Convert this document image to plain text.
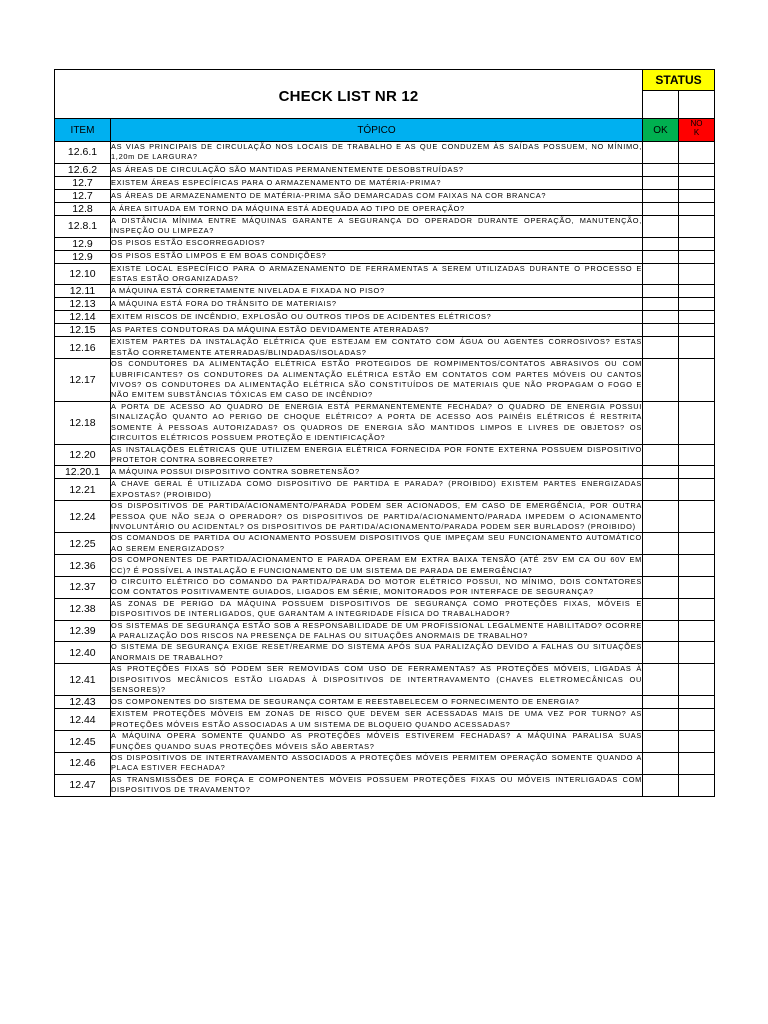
CHECK LIST NR 12		STATUS	

ITEM	TÓPICO	OK	NOK

12.6.1	AS VIAS PRINCIPAIS DE CIRCULAÇÃO NOS LOCAIS DE TRABALHO E AS QUE CONDUZEM ÀS SAÍDAS POSSUEM, NO MÍNIMO, 1,20m DE LARGURA?		
12.6.2	AS ÁREAS DE CIRCULAÇÃO SÃO MANTIDAS PERMANENTEMENTE DESOBSTRUÍDAS?		
12.7	EXISTEM ÁREAS ESPECÍFICAS PARA O ARMAZENAMENTO DE MATÉRIA-PRIMA?		
12.7	AS ÁREAS DE ARMAZENAMENTO DE MATÉRIA-PRIMA SÃO DEMARCADAS COM FAIXAS NA COR BRANCA?		
12.8	A ÁREA SITUADA EM TORNO DA MÁQUINA ESTÁ ADEQUADA AO TIPO DE OPERAÇÃO?		
12.8.1	A DISTÂNCIA MÍNIMA ENTRE MÁQUINAS GARANTE A SEGURANÇA DO OPERADOR DURANTE OPERAÇÃO, MANUTENÇÃO, INSPEÇÃO OU LIMPEZA?		
12.9	OS PISOS ESTÃO ESCORREGADIOS?		
12.9	OS PISOS ESTÃO LIMPOS E EM BOAS CONDIÇÕES?		
12.10	EXISTE LOCAL ESPECÍFICO PARA O ARMAZENAMENTO DE FERRAMENTAS A SEREM UTILIZADAS DURANTE O PROCESSO E ESTAS ESTÃO ORGANIZADAS?		
12.11	A MÁQUINA ESTÁ CORRETAMENTE NIVELADA E FIXADA NO PISO?		
12.13	A MÁQUINA ESTÁ FORA DO TRÂNSITO DE MATERIAIS?		
12.14	EXITEM RISCOS DE INCÊNDIO, EXPLOSÃO OU OUTROS TIPOS DE ACIDENTES ELÉTRICOS?		
12.15	AS PARTES CONDUTORAS DA MÁQUINA ESTÃO DEVIDAMENTE ATERRADAS?		
12.16	EXISTEM PARTES DA INSTALAÇÃO ELÉTRICA QUE ESTEJAM EM CONTATO COM ÁGUA OU AGENTES CORROSIVOS? ESTAS ESTÃO CORRETAMENTE ATERRADAS/BLINDADAS/ISOLADAS?		
12.17	OS CONDUTORES DA ALIMENTAÇÃO ELÉTRICA ESTÃO PROTEGIDOS DE ROMPIMENTOS/CONTATOS ABRASIVOS OU COM LUBRIFICANTES? OS CONDUTORES DA ALIMENTAÇÃO ELÉTRICA ESTÃO EM CONTATOS COM PARTES MÓVEIS OU CANTOS VIVOS? OS CONDUTORES DA ALIMENTAÇÃO ELÉTRICA SÃO CONSTITUÍDOS DE MATERIAIS QUE NÃO PROPAGAM O FOGO E NÃO EMITEM SUBSTÂNCIAS TÓXICAS EM CASO DE INCÊNDIO?		
12.18	A PORTA DE ACESSO AO QUADRO DE ENERGIA ESTÁ PERMANENTEMENTE FECHADA? O QUADRO DE ENERGIA POSSUI SINALIZAÇÃO QUANTO AO PERIGO DE CHOQUE ELÉTRICO? A PORTA DE ACESSO AOS PAINÉIS ELÉTRICOS É RESTRITA SOMENTE À PESSOAS AUTORIZADAS? OS QUADROS DE ENERGIA SÃO MANTIDOS LIMPOS E LIVRES DE OBJETOS? OS CIRCUITOS ELÉTRICOS POSSUEM PROTEÇÃO E IDENTIFICAÇÃO?		
12.20	AS INSTALAÇÕES ELÉTRICAS QUE UTILIZEM ENERGIA ELÉTRICA FORNECIDA POR FONTE EXTERNA POSSUEM DISPOSITIVO PROTETOR CONTRA SOBRECORRETE?		
12.20.1	A MÁQUINA POSSUI DISPOSITIVO CONTRA SOBRETENSÃO?		
12.21	A CHAVE GERAL É UTILIZADA COMO DISPOSITIVO DE PARTIDA E PARADA? (PROIBIDO) EXISTEM PARTES ENERGIZADAS EXPOSTAS? (PROIBIDO)		
12.24	OS DISPOSITIVOS DE PARTIDA/ACIONAMENTO/PARADA PODEM SER ACIONADOS, EM CASO DE EMERGÊNCIA, POR OUTRA PESSOA QUE NÃO SEJA O OPERADOR? OS DISPOSITIVOS DE PARTIDA/ACIONAMENTO/PARADA IMPEDEM O ACIONAMENTO INVOLUNTÁRIO OU ACIDENTAL? OS DISPOSITIVOS DE PARTIDA/ACIONAMENTO/PARADA PODEM SER BURLADOS? (PROIBIDO)		
12.25	OS COMANDOS DE PARTIDA OU ACIONAMENTO POSSUEM DISPOSITIVOS QUE IMPEÇAM SEU FUNCIONAMENTO AUTOMÁTICO AO SEREM ENERGIZADOS?		
12.36	OS COMPONENTES DE PARTIDA/ACIONAMENTO E PARADA OPERAM EM EXTRA BAIXA TENSÃO (ATÉ 25V EM CA OU 60V EM CC)? É POSSÍVEL A INSTALAÇÃO E FUNCIONAMENTO DE UM SISTEMA DE PARADA DE EMERGÊNCIA?		
12.37	O CIRCUITO ELÉTRICO DO COMANDO DA PARTIDA/PARADA DO MOTOR ELÉTRICO POSSUI, NO MÍNIMO, DOIS CONTATORES COM CONTATOS POSITIVAMENTE GUIADOS, LIGADOS EM SÉRIE, MONITORADOS POR INTERFACE DE SEGURANÇA?		
12.38	AS ZONAS DE PERIGO DA MÁQUINA POSSUEM DISPOSITIVOS DE SEGURANÇA COMO PROTEÇÕES FIXAS, MÓVEIS E DISPOSITIVOS DE INTERLIGADOS, QUE GARANTAM A INTEGRIDADE FÍSICA DO TRABALHADOR?		
12.39	OS SISTEMAS DE SEGURANÇA ESTÃO SOB A RESPONSABILIDADE DE UM PROFISSIONAL LEGALMENTE HABILITADO? OCORRE A PARALIZAÇÃO DOS RISCOS NA PRESENÇA DE FALHAS OU SITUAÇÕES ANORMAIS DE TRABALHO?		
12.40	O SISTEMA DE SEGURANÇA EXIGE RESET/REARME DO SISTEMA APÓS SUA PARALIZAÇÃO DEVIDO A FALHAS OU SITUAÇÕES ANORMAIS DE TRABALHO?		
12.41	AS PROTEÇÕES FIXAS SÓ PODEM SER REMOVIDAS COM USO DE FERRAMENTAS? AS PROTEÇÕES MÓVEIS, LIGADAS À DISPOSITIVOS MECÂNICOS ESTÃO LIGADAS À DISPOSITIVOS DE INTERTRAVAMENTO (CHAVES ELETROMECÂNICAS OU SENSORES)?		
12.43	OS COMPONENTES DO SISTEMA DE SEGURANÇA CORTAM E REESTABELECEM O FORNECIMENTO DE ENERGIA?		
12.44	EXISTEM PROTEÇÕES MÓVEIS EM ZONAS DE RISCO QUE DEVEM SER ACESSADAS MAIS DE UMA VEZ POR TURNO? AS PROTEÇÕES MÓVEIS ESTÃO ASSOCIADAS A UM SISTEMA DE BLOQUEIO QUANDO ACESSADAS?		
12.45	A MÁQUINA OPERA SOMENTE QUANDO AS PROTEÇÕES MÓVEIS ESTIVEREM FECHADAS? A MÁQUINA PARALISA SUAS FUNÇÕES QUANDO SUAS PROTEÇÕES MÓVEIS SÃO ABERTAS?		
12.46	OS DISPOSITIVOS DE INTERTRAVAMENTO ASSOCIADOS A PROTEÇÕES MÓVEIS PERMITEM OPERAÇÃO SOMENTE QUANDO A PLACA ESTIVER FECHADA?		
12.47	AS TRANSMISSÕES DE FORÇA E COMPONENTES MÓVEIS POSSUEM PROTEÇÕES FIXAS OU MÓVEIS INTERLIGADAS COM DISPOSITIVOS DE TRAVAMENTO?		
